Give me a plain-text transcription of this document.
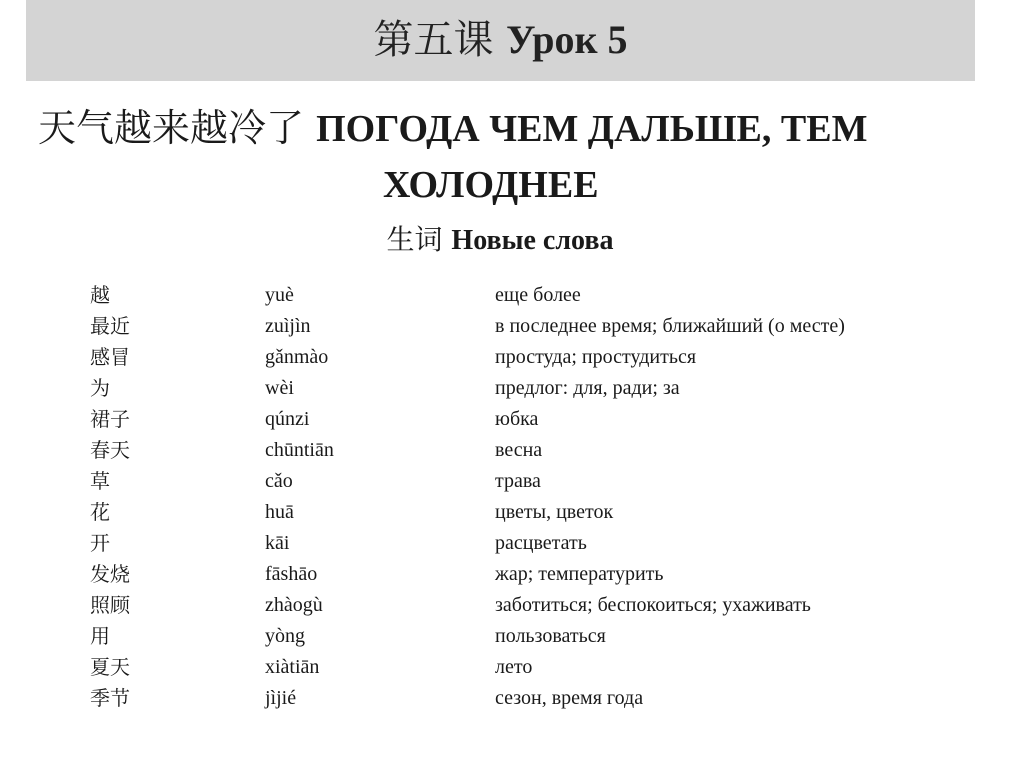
第五课 Урок 5
天气越来越冷了 ПОГОДА ЧЕМ ДАЛЬШЕ, ТЕМ
ХОЛОДНЕЕ
生词 Новые слова
越	yuè	еще более
最近	zuìjìn	в последнее время; ближайший (о месте)
感冒	gǎnmào	простуда; простудиться
为	wèi	предлог: для, ради; за
裙子	qúnzi	юбка
春天	chūntiān	весна
草	cǎo	трава
花	huā	цветы, цветок
开	kāi	расцветать
发烧	fāshāo	жар; температурить
照顾	zhàogù	заботиться; беспокоиться; ухаживать
用	yòng	пользоваться
夏天	xiàtiān	лето
季节	jìjié	сезон, время года
